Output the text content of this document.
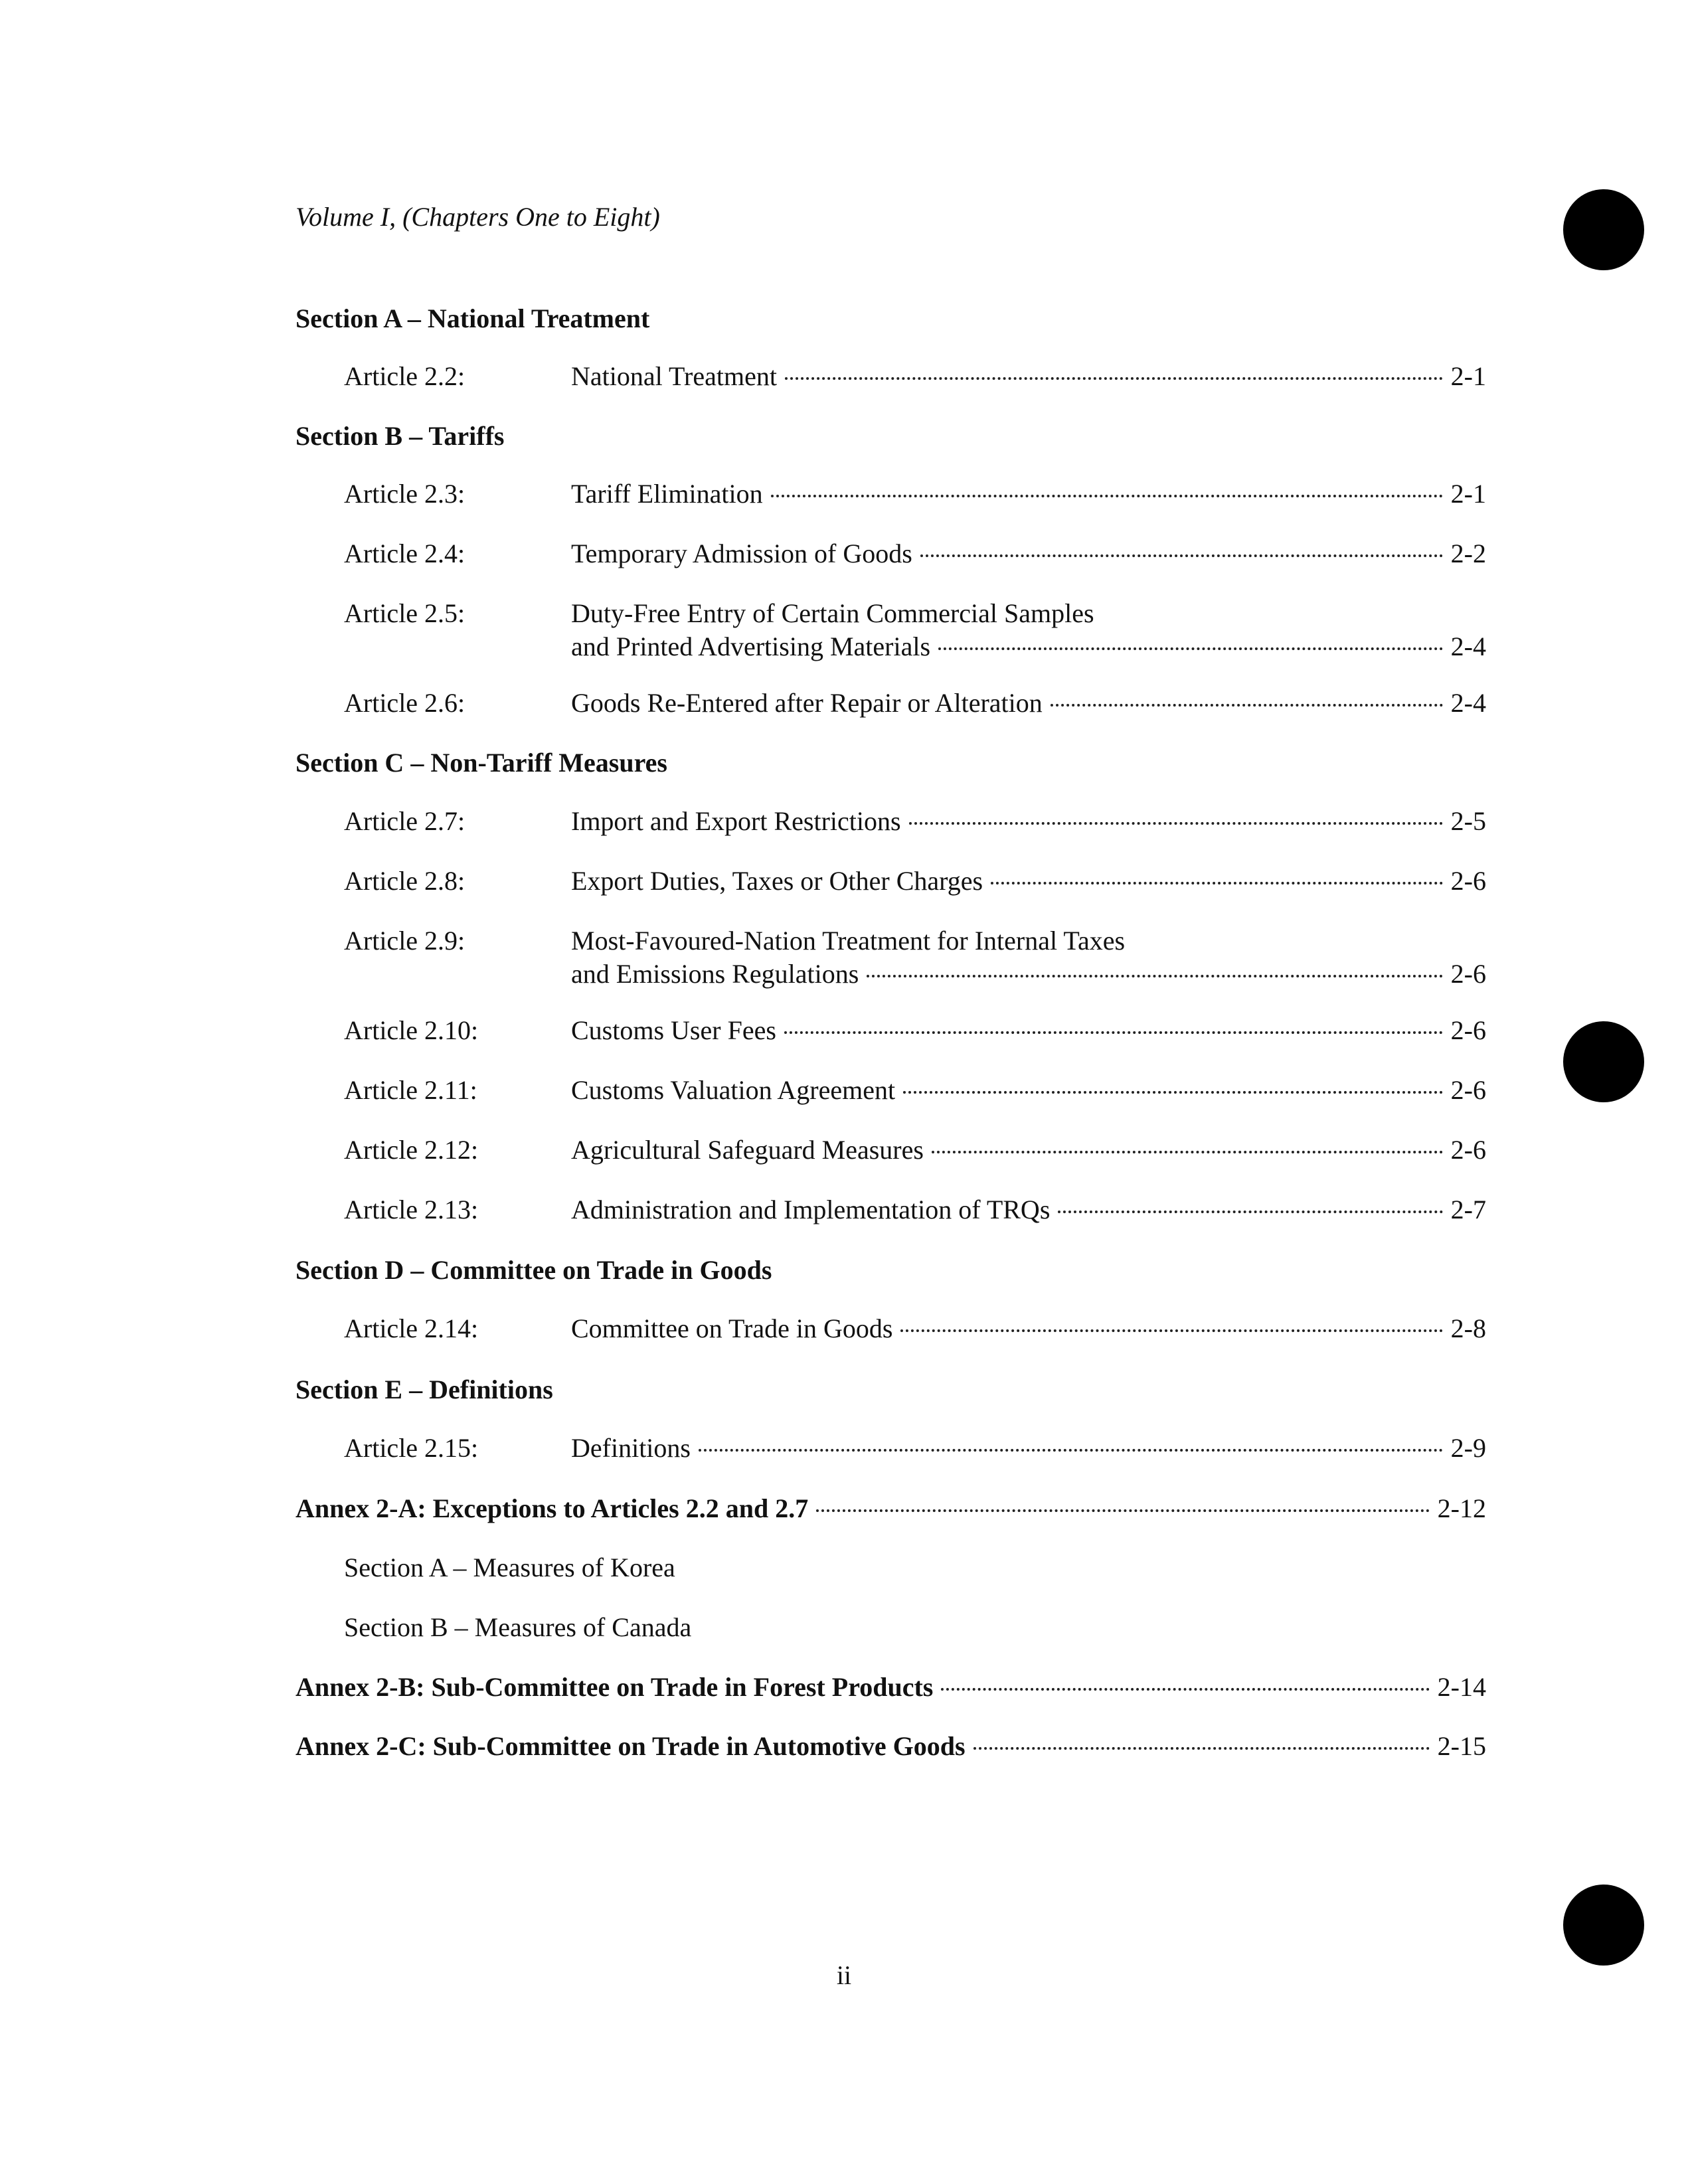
Volume I, (Chapters One to Eight)
Section A – National Treatment
Article 2.2:	National Treatment	2-1
Section B – Tariffs
Article 2.3:	Tariff Elimination	2-1
Article 2.4:	Temporary Admission of Goods	2-2
Article 2.5:	Duty-Free Entry of Certain Commercial Samples
and Printed Advertising Materials	2-4
Article 2.6:	Goods Re-Entered after Repair or Alteration	2-4
Section C – Non-Tariff Measures
Article 2.7:	Import and Export Restrictions	2-5
Article 2.8:	Export Duties, Taxes or Other Charges	2-6
Article 2.9:	Most-Favoured-Nation Treatment for Internal Taxes
and Emissions Regulations	2-6
Article 2.10:	Customs User Fees	2-6
Article 2.11:	Customs Valuation Agreement	2-6
Article 2.12:	Agricultural Safeguard Measures	2-6
Article 2.13:	Administration and Implementation of TRQs	2-7
Section D – Committee on Trade in Goods
Article 2.14:	Committee on Trade in Goods	2-8
Section E – Definitions
Article 2.15:	Definitions	2-9
Annex 2-A: Exceptions to Articles 2.2 and 2.7	2-12
Section A – Measures of Korea
Section B – Measures of Canada
Annex 2-B: Sub-Committee on Trade in Forest Products	2-14
Annex 2-C: Sub-Committee on Trade in Automotive Goods	2-15
ii
